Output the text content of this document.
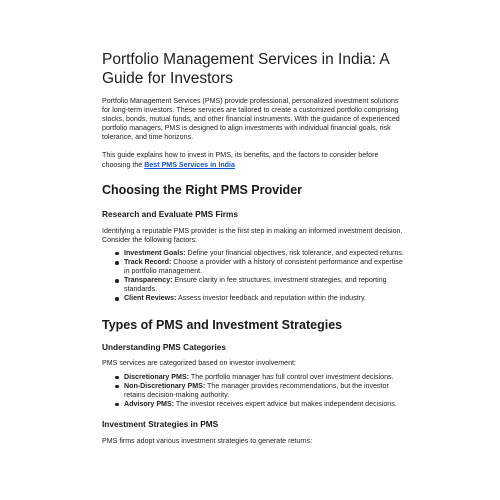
Portfolio Management Services in India: A Guide for Investors

Portfolio Management Services (PMS) provide professional, personalized investment solutions for long-term investors. These services are tailored to create a customized portfolio comprising stocks, bonds, mutual funds, and other financial instruments. With the guidance of experienced portfolio managers, PMS is designed to align investments with individual financial goals, risk tolerance, and time horizons.

This guide explains how to invest in PMS, its benefits, and the factors to consider before choosing the Best PMS Services in India

Choosing the Right PMS Provider
Research and Evaluate PMS Firms

Identifying a reputable PMS provider is the first step in making an informed investment decision. Consider the following factors:

Investment Goals: Define your financial objectives, risk tolerance, and expected returns.
Track Record: Choose a provider with a history of consistent performance and expertise in portfolio management.
Transparency: Ensure clarity in fee structures, investment strategies, and reporting standards.
Client Reviews: Assess investor feedback and reputation within the industry.
Types of PMS and Investment Strategies
Understanding PMS Categories

PMS services are categorized based on investor involvement:

Discretionary PMS: The portfolio manager has full control over investment decisions.
Non-Discretionary PMS: The manager provides recommendations, but the investor retains decision-making authority.
Advisory PMS: The investor receives expert advice but makes independent decisions.
Investment Strategies in PMS

PMS firms adopt various investment strategies to generate returns:
